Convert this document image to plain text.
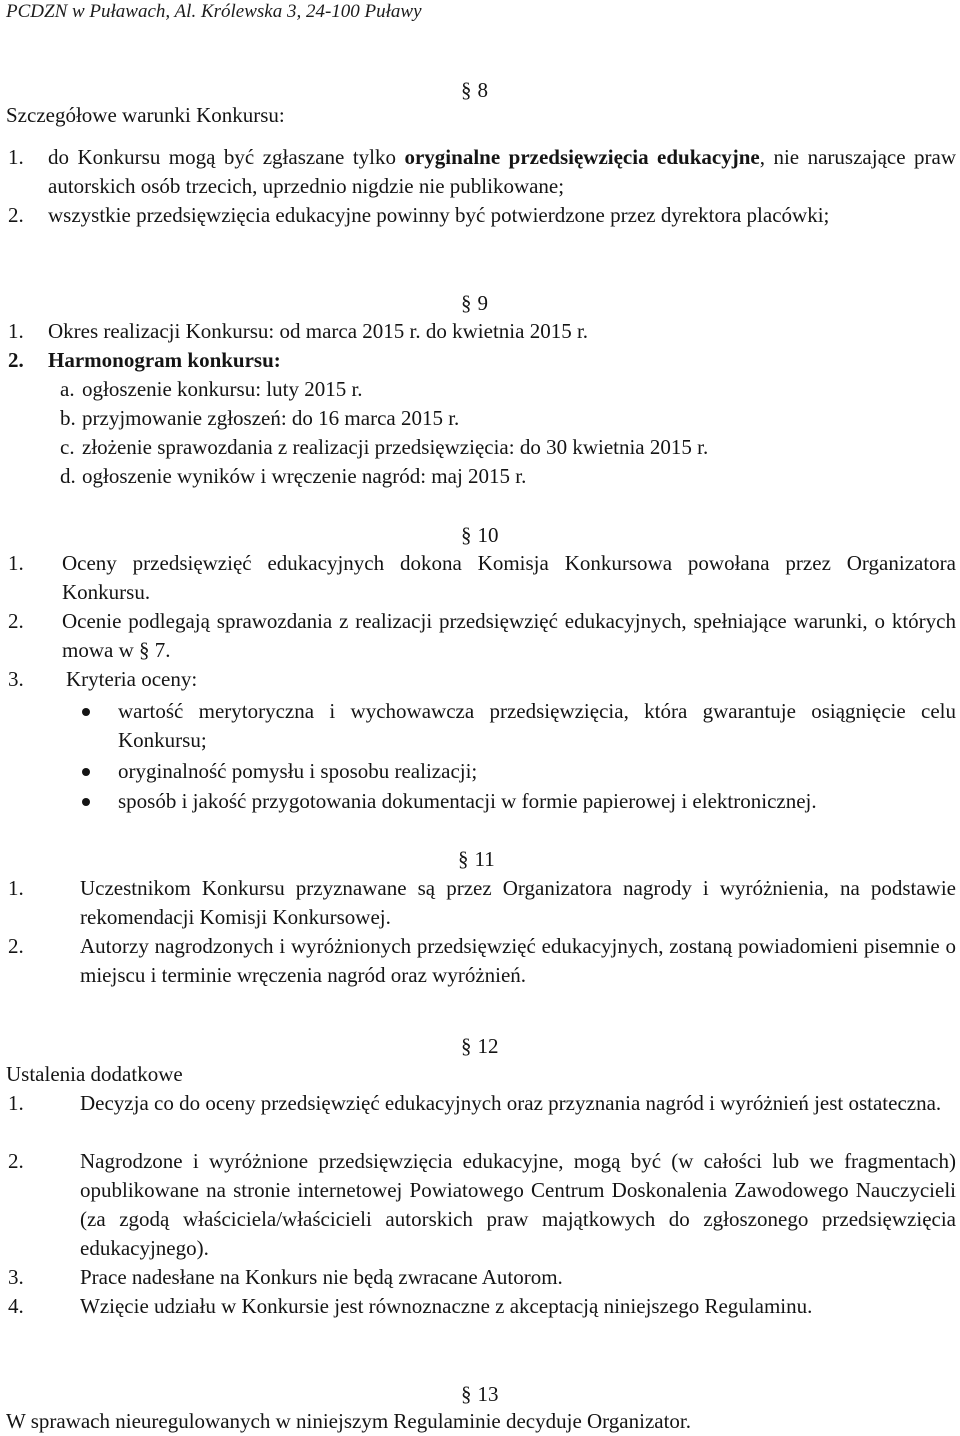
PCDZN w Puławach, Al. Królewska 3, 24-100 Puławy
§ 8
Szczegółowe warunki Konkursu:
1. do Konkursu mogą być zgłaszane tylko oryginalne przedsięwzięcia edukacyjne, nie naruszające praw autorskich osób trzecich, uprzednio nigdzie nie publikowane;
2. wszystkie przedsięwzięcia edukacyjne powinny być potwierdzone przez dyrektora placówki;
§ 9
1. Okres realizacji Konkursu: od marca 2015 r. do kwietnia 2015 r.
2. Harmonogram konkursu:
a. ogłoszenie konkursu: luty 2015 r.
b. przyjmowanie zgłoszeń: do 16 marca 2015 r.
c. złożenie sprawozdania z realizacji przedsięwzięcia: do 30 kwietnia 2015 r.
d. ogłoszenie wyników i wręczenie nagród: maj 2015 r.
§ 10
1. Oceny przedsięwzięć edukacyjnych dokona Komisja Konkursowa powołana przez Organizatora Konkursu.
2. Ocenie podlegają sprawozdania z realizacji przedsięwzięć edukacyjnych, spełniające warunki, o których mowa w § 7.
3. Kryteria oceny:
wartość merytoryczna i wychowawcza przedsięwzięcia, która gwarantuje osiągnięcie celu Konkursu;
oryginalność pomysłu i sposobu realizacji;
sposób i jakość przygotowania dokumentacji w formie papierowej i elektronicznej.
§ 11
1.	Uczestnikom Konkursu przyznawane są przez Organizatora nagrody i wyróżnienia, na podstawie rekomendacji Komisji Konkursowej.
2.	Autorzy nagrodzonych i wyróżnionych przedsięwzięć edukacyjnych, zostaną powiadomieni pisemnie o miejscu i terminie wręczenia nagród oraz wyróżnień.
§ 12
Ustalenia dodatkowe
1.	Decyzja co do oceny przedsięwzięć edukacyjnych oraz przyznania nagród i wyróżnień jest ostateczna.
2.	Nagrodzone i wyróżnione przedsięwzięcia edukacyjne, mogą być (w całości lub we fragmentach) opublikowane na stronie internetowej Powiatowego Centrum Doskonalenia Zawodowego Nauczycieli (za zgodą właściciela/właścicieli autorskich praw majątkowych do zgłoszonego przedsięwzięcia edukacyjnego).
3.	Prace nadesłane na Konkurs nie będą zwracane Autorom.
4.	Wzięcie udziału w Konkursie jest równoznaczne z akceptacją niniejszego Regulaminu.
§ 13
W sprawach nieuregulowanych w niniejszym Regulaminie decyduje Organizator.
